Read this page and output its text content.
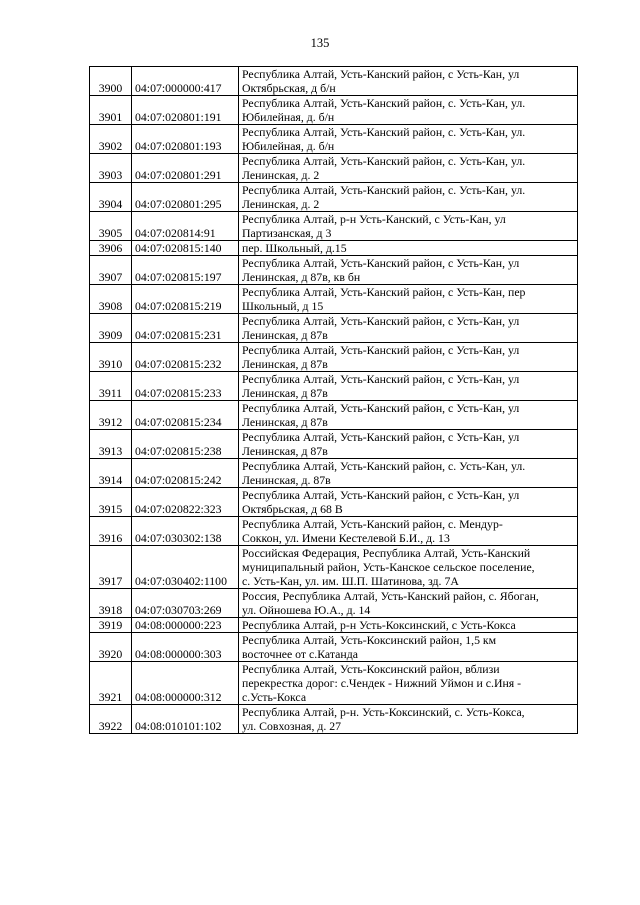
135
3900	04:07:000000:417	Республика Алтай, Усть-Канский район, с Усть-Кан, ул
Октябрьская, д б/н

3901	04:07:020801:191	Республика Алтай, Усть-Канский район, с. Усть-Кан, ул.
Юбилейная, д. б/н

3902	04:07:020801:193	Республика Алтай, Усть-Канский район, с. Усть-Кан, ул.
Юбилейная, д. б/н

3903	04:07:020801:291	Республика Алтай, Усть-Канский район, с. Усть-Кан, ул.
Ленинская, д. 2

3904	04:07:020801:295	Республика Алтай, Усть-Канский район, с. Усть-Кан, ул.
Ленинская, д. 2

3905	04:07:020814:91	Республика Алтай, р-н Усть-Канский, с Усть-Кан, ул
Партизанская, д 3

3906	04:07:020815:140	пер. Школьный, д.15

3907	04:07:020815:197	Республика Алтай, Усть-Канский район, с Усть-Кан, ул
Ленинская, д 87в, кв бн

3908	04:07:020815:219	Республика Алтай, Усть-Канский район, с Усть-Кан, пер
Школьный, д 15

3909	04:07:020815:231	Республика Алтай, Усть-Канский район, с Усть-Кан, ул
Ленинская, д 87в

3910	04:07:020815:232	Республика Алтай, Усть-Канский район, с Усть-Кан, ул
Ленинская, д 87в

3911	04:07:020815:233	Республика Алтай, Усть-Канский район, с Усть-Кан, ул
Ленинская, д 87в

3912	04:07:020815:234	Республика Алтай, Усть-Канский район, с Усть-Кан, ул
Ленинская, д 87в

3913	04:07:020815:238	Республика Алтай, Усть-Канский район, с Усть-Кан, ул
Ленинская, д 87в

3914	04:07:020815:242	Республика Алтай, Усть-Канский район, с. Усть-Кан, ул.
Ленинская, д. 87в

3915	04:07:020822:323	Республика Алтай, Усть-Канский район, с Усть-Кан, ул
Октябрьская, д 68 В

3916	04:07:030302:138	Республика Алтай, Усть-Канский район, с. Мендур-
Соккон, ул. Имени Кестелевой Б.И., д. 13

3917	04:07:030402:1100	Российская Федерация, Республика Алтай, Усть-Канский
муниципальный район, Усть-Канское сельское поселение,
с. Усть-Кан, ул. им. Ш.П. Шатинова, зд. 7А

3918	04:07:030703:269	Россия, Республика Алтай, Усть-Канский район, с. Ябоган,
ул. Ойношева Ю.А., д. 14

3919	04:08:000000:223	Республика Алтай, р-н Усть-Коксинский, с Усть-Кокса

3920	04:08:000000:303	Республика Алтай, Усть-Коксинский район, 1,5 км
восточнее от с.Катанда

3921	04:08:000000:312	Республика Алтай, Усть-Коксинский район, вблизи
перекрестка дорог: с.Чендек - Нижний Уймон и с.Иня -
с.Усть-Кокса

3922	04:08:010101:102	Республика Алтай, р-н. Усть-Коксинский, с. Усть-Кокса,
ул. Совхозная, д. 27
